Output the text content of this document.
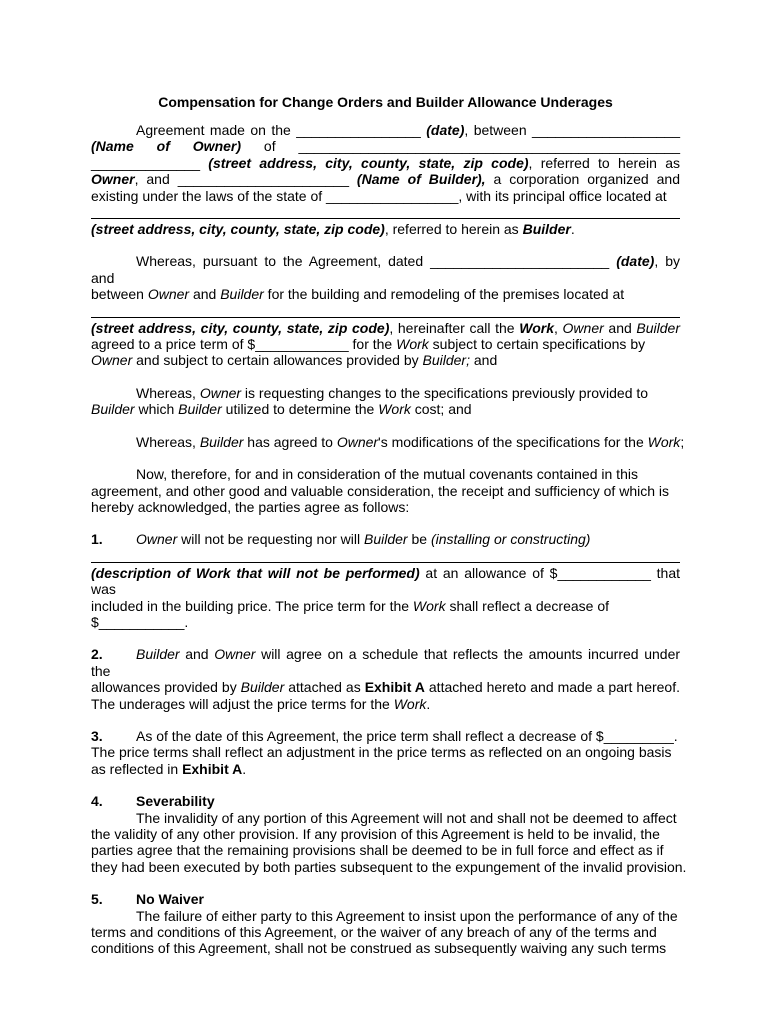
Compensation for Change Orders and Builder Allowance Underages
Agreement made on the ________________ (date), between ___________________
(Name of Owner) of _________________________________________________
______________ (street address, city, county, state, zip code), referred to herein as
Owner, and ______________________ (Name of Builder), a corporation organized and
existing under the laws of the state of _________________, with its principal office located at
(street address, city, county, state, zip code), referred to herein as Builder.
Whereas, pursuant to the Agreement, dated _______________________ (date), by and
between Owner and Builder for the building and remodeling of the premises located at
(street address, city, county, state, zip code), hereinafter call the Work, Owner and Builder
agreed to a price term of $____________ for the Work subject to certain specifications by
Owner and subject to certain allowances provided by Builder; and
Whereas, Owner is requesting changes to the specifications previously provided to
Builder which Builder utilized to determine the Work cost; and
Whereas, Builder has agreed to Owner's modifications of the specifications for the Work;
Now, therefore, for and in consideration of the mutual covenants contained in this
agreement, and other good and valuable consideration, the receipt and sufficiency of which is
hereby acknowledged, the parties agree as follows:
1. Owner will not be requesting nor will Builder be (installing or constructing)
(description of Work that will not be performed) at an allowance of $____________ that was
included in the building price. The price term for the Work shall reflect a decrease of
$___________.
2. Builder and Owner will agree on a schedule that reflects the amounts incurred under the
allowances provided by Builder attached as Exhibit A attached hereto and made a part hereof.
The underages will adjust the price terms for the Work.
3. As of the date of this Agreement, the price term shall reflect a decrease of $_________.
The price terms shall reflect an adjustment in the price terms as reflected on an ongoing basis
as reflected in Exhibit A.
4. Severability
The invalidity of any portion of this Agreement will not and shall not be deemed to affect
the validity of any other provision. If any provision of this Agreement is held to be invalid, the
parties agree that the remaining provisions shall be deemed to be in full force and effect as if
they had been executed by both parties subsequent to the expungement of the invalid provision.
5. No Waiver
The failure of either party to this Agreement to insist upon the performance of any of the
terms and conditions of this Agreement, or the waiver of any breach of any of the terms and
conditions of this Agreement, shall not be construed as subsequently waiving any such terms
